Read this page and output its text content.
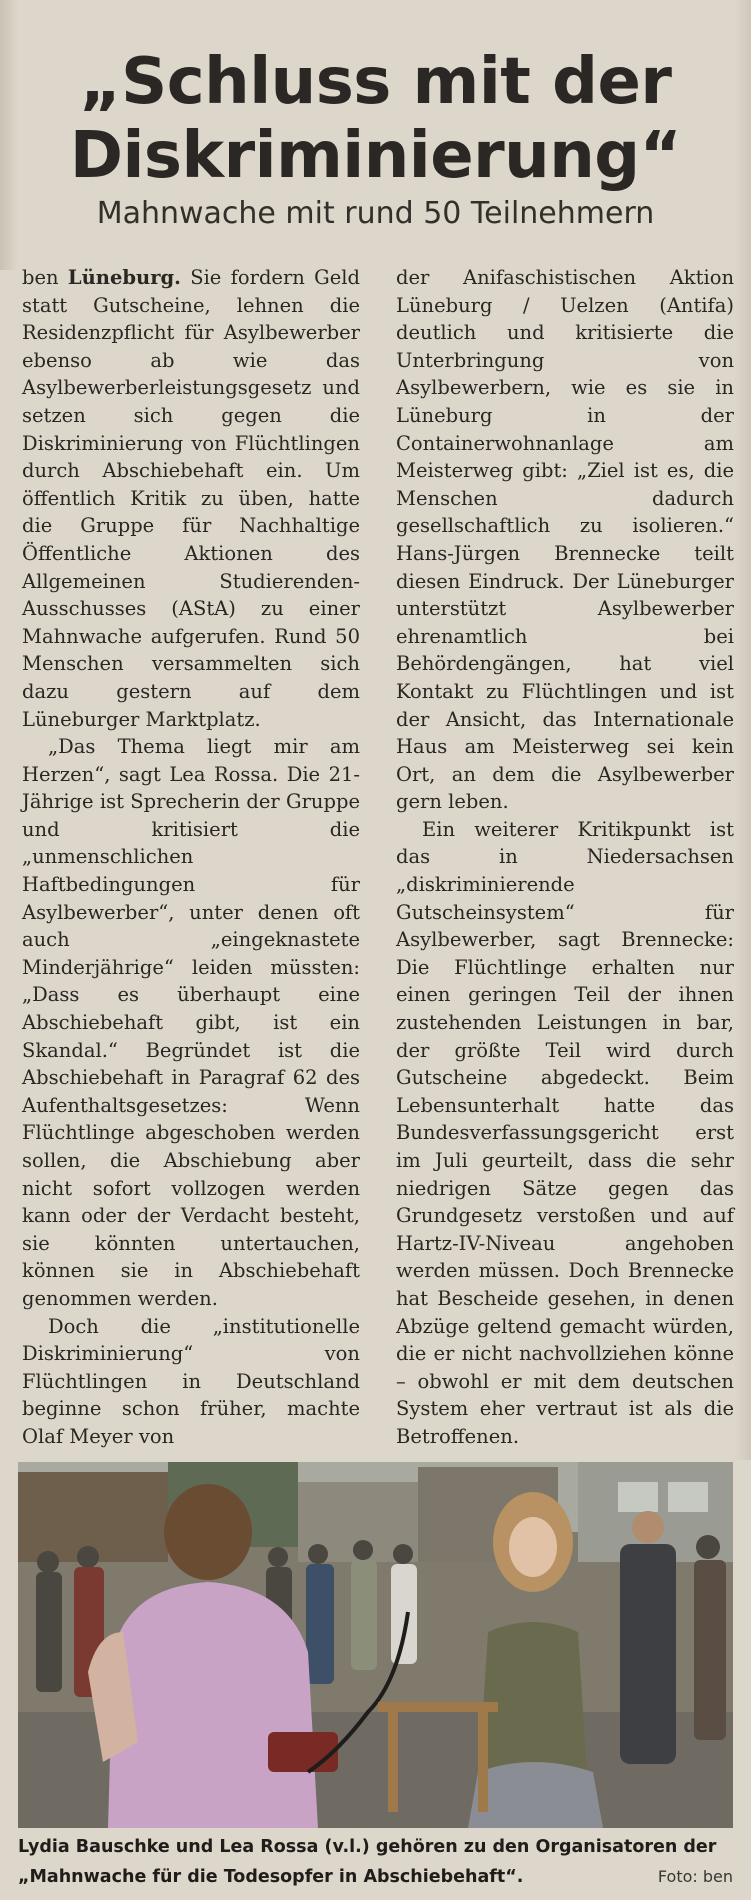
„Schluss mit der Diskriminierung“
Mahnwache mit rund 50 Teilnehmern

ben Lüneburg. Sie fordern Geld statt Gutscheine, lehnen die Residenzpflicht für Asylbewerber ebenso ab wie das Asylbewerberleistungsgesetz und setzen sich gegen die Diskriminierung von Flüchtlingen durch Abschiebehaft ein. Um öffentlich Kritik zu üben, hatte die Gruppe für Nachhaltige Öffentliche Aktionen des Allgemeinen Studierenden-Ausschusses (AStA) zu einer Mahnwache aufgerufen. Rund 50 Menschen versammelten sich dazu gestern auf dem Lüneburger Marktplatz.

„Das Thema liegt mir am Herzen“, sagt Lea Rossa. Die 21-Jährige ist Sprecherin der Gruppe und kritisiert die „unmenschlichen Haftbedingungen für Asylbewerber“, unter denen oft auch „eingeknastete Minderjährige“ leiden müssten: „Dass es überhaupt eine Abschiebehaft gibt, ist ein Skandal.“ Begründet ist die Abschiebehaft in Paragraf 62 des Aufenthaltsgesetzes: Wenn Flüchtlinge abgeschoben werden sollen, die Abschiebung aber nicht sofort vollzogen werden kann oder der Verdacht besteht, sie könnten untertauchen, können sie in Abschiebehaft genommen werden.

Doch die „institutionelle Diskriminierung“ von Flüchtlingen in Deutschland beginne schon früher, machte Olaf Meyer von

der Anifaschistischen Aktion Lüneburg / Uelzen (Antifa) deutlich und kritisierte die Unterbringung von Asylbewerbern, wie es sie in Lüneburg in der Containerwohnanlage am Meisterweg gibt: „Ziel ist es, die Menschen dadurch gesellschaftlich zu isolieren.“ Hans-Jürgen Brennecke teilt diesen Eindruck. Der Lüneburger unterstützt Asylbewerber ehrenamtlich bei Behördengängen, hat viel Kontakt zu Flüchtlingen und ist der Ansicht, das Internationale Haus am Meisterweg sei kein Ort, an dem die Asylbewerber gern leben.

Ein weiterer Kritikpunkt ist das in Niedersachsen „diskriminierende Gutscheinsystem“ für Asylbewerber, sagt Brennecke: Die Flüchtlinge erhalten nur einen geringen Teil der ihnen zustehenden Leistungen in bar, der größte Teil wird durch Gutscheine abgedeckt. Beim Lebensunterhalt hatte das Bundesverfassungsgericht erst im Juli geurteilt, dass die sehr niedrigen Sätze gegen das Grundgesetz verstoßen und auf Hartz-IV-Niveau angehoben werden müssen. Doch Brennecke hat Bescheide gesehen, in denen Abzüge geltend gemacht würden, die er nicht nachvollziehen könne – obwohl er mit dem deutschen System eher vertraut ist als die Betroffenen.

Lydia Bauschke und Lea Rossa (v.l.) gehören zu den Organisatoren der „Mahnwache für die Todesopfer in Abschiebehaft“.	Foto: ben
